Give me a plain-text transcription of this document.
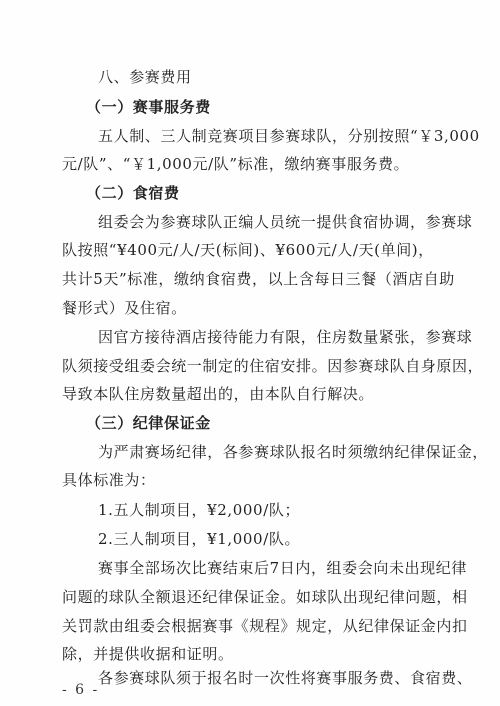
八、参赛费用
（一）赛事服务费
五人制、三人制竞赛项目参赛球队，分别按照“￥3,000
元/队”、“￥1,000元/队”标准，缴纳赛事服务费。
（二）食宿费
组委会为参赛球队正编人员统一提供食宿协调，参赛球
队按照“¥400元/人/天(标间)、¥600元/人/天(单间)，
共计5天”标准，缴纳食宿费，以上含每日三餐（酒店自助
餐形式）及住宿。
因官方接待酒店接待能力有限，住房数量紧张，参赛球
队须接受组委会统一制定的住宿安排。因参赛球队自身原因，
导致本队住房数量超出的，由本队自行解决。
（三）纪律保证金
为严肃赛场纪律，各参赛球队报名时须缴纳纪律保证金，
具体标准为：
1.五人制项目，¥2,000/队；
2.三人制项目，¥1,000/队。
赛事全部场次比赛结束后7日内，组委会向未出现纪律
问题的球队全额退还纪律保证金。如球队出现纪律问题，相
关罚款由组委会根据赛事《规程》规定，从纪律保证金内扣
除，并提供收据和证明。
各参赛球队须于报名时一次性将赛事服务费、食宿费、
- 6 -
